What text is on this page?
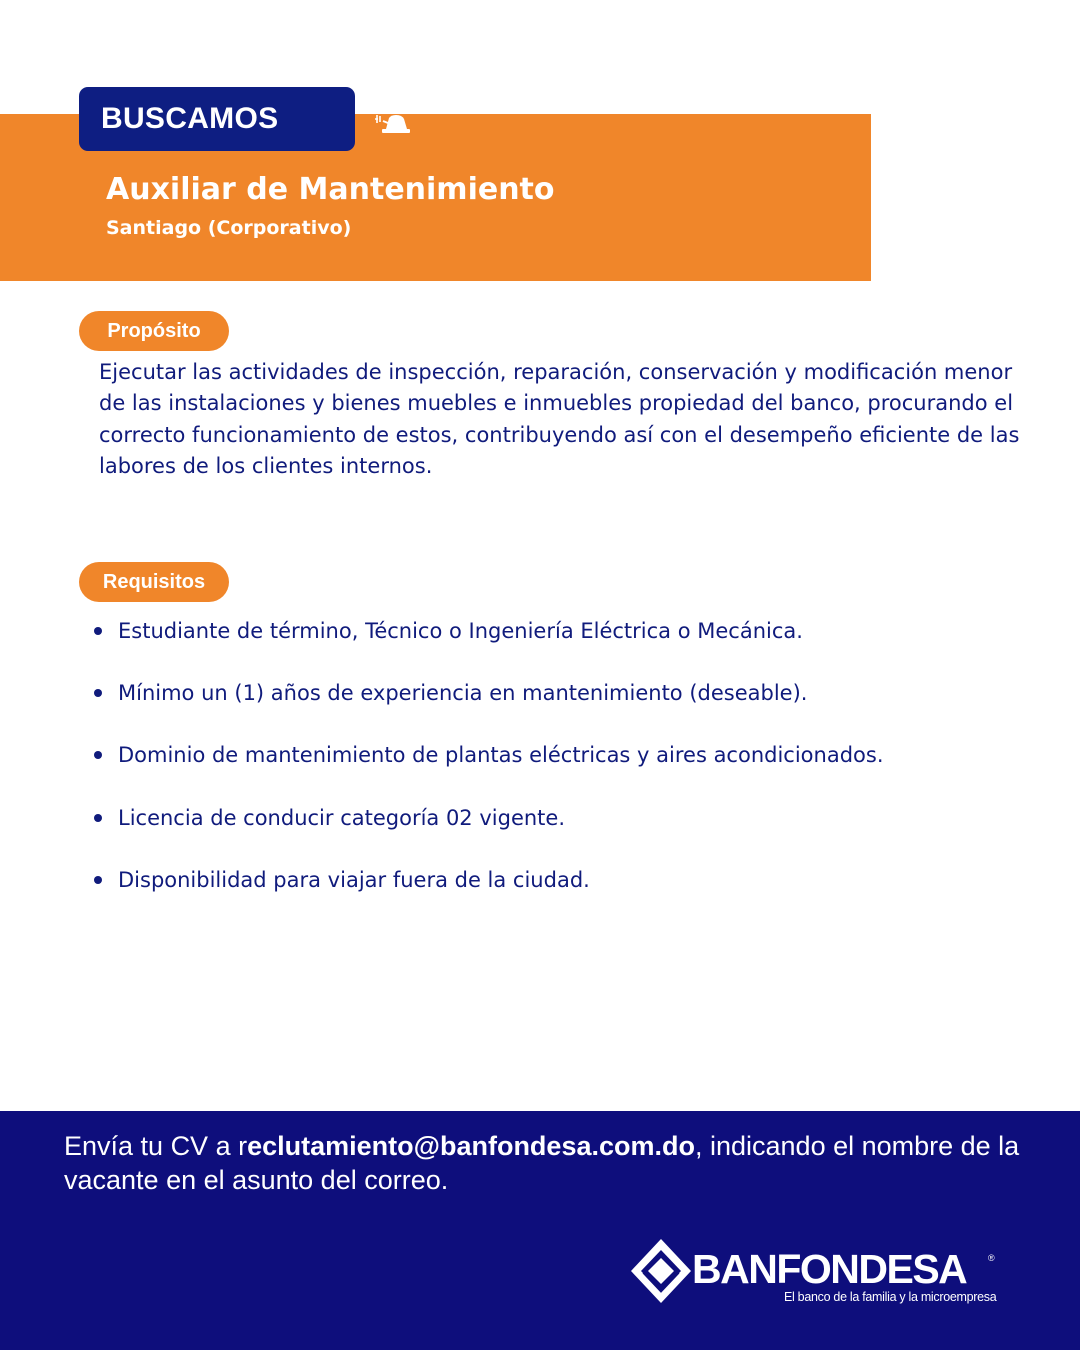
BUSCAMOS
Auxiliar de Mantenimiento
Santiago (Corporativo)
Propósito

Ejecutar las actividades de inspección, reparación, conservación y modificación menor de las instalaciones y bienes muebles e inmuebles propiedad del banco, procurando el correcto funcionamiento de estos, contribuyendo así con el desempeño eficiente de las labores de los clientes internos.

Requisitos
Estudiante de término, Técnico o Ingeniería Eléctrica o Mecánica.
Mínimo un (1) años de experiencia en mantenimiento (deseable).
Dominio de mantenimiento de plantas eléctricas y aires acondicionados.
Licencia de conducir categoría 02 vigente.
Disponibilidad para viajar fuera de la ciudad.

Envía tu CV a reclutamiento@banfondesa.com.do, indicando el nombre de la vacante en el asunto del correo.

BANFONDESA ®
El banco de la familia y la microempresa
